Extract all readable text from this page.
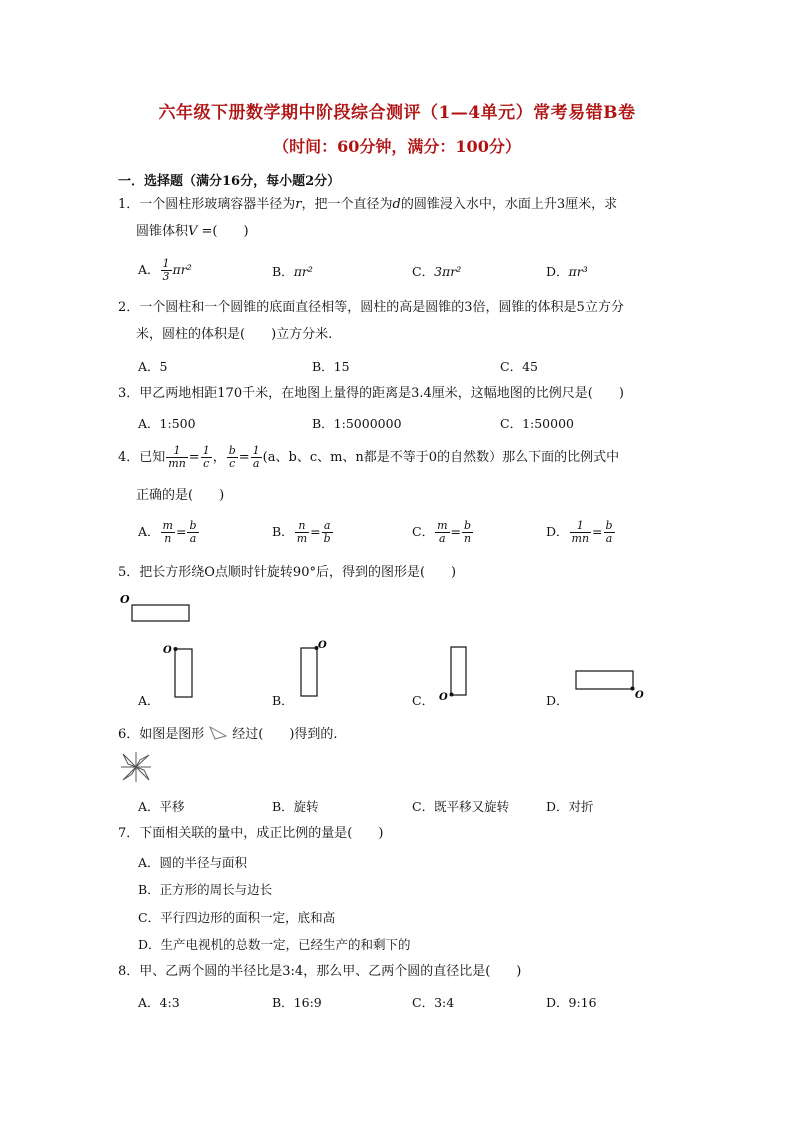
六年级下册数学期中阶段综合测评（1—4单元）常考易错B卷
（时间：60分钟，满分：100分）
一．选择题（满分16分，每小题2分）
1．一个圆柱形玻璃容器半径为r，把一个直径为d的圆锥浸入水中，水面上升3厘米，求
圆锥体积V =(　　)
A． $\frac{1}{3} \pi r^2$	B．πr²	C．3πr²	D．πr³
2．一个圆柱和一个圆锥的底面直径相等，圆柱的高是圆锥的3倍，圆锥的体积是5立方分
米，圆柱的体积是(　　)立方分米.
A．5	B．15	C．45
3．甲乙两地相距170千米，在地图上量得的距离是3.4厘米，这幅地图的比例尺是(　　)
A．1:500	B．1:5000000	C．1:50000
4．已知 $\frac{1}{mn} = \frac{1}{c}$ ， $\frac{b}{c} = \frac{1}{a} (a$、b、c、m、n都是不等于0的自然数）那么下面的比例式中
正确的是(　　)
A． $\frac{m}{n} = \frac{b}{a}$	B． $\frac{n}{m} = \frac{a}{b}$	C． $\frac{m}{a} = \frac{b}{n}$	D． $\frac{1}{mn} = \frac{b}{a}$
5．把长方形绕O点顺时针旋转90°后，得到的图形是(　　)
O
O
A．
O
B．	O
C．	O
D．
6．如图是图形 经过(　　)得到的.
A．平移	B．旋转	C．既平移又旋转	D．对折
7．下面相关联的量中，成正比例的量是(　　)
A．圆的半径与面积
B．正方形的周长与边长
C．平行四边形的面积一定，底和高
D．生产电视机的总数一定，已经生产的和剩下的
8．甲、乙两个圆的半径比是3:4，那么甲、乙两个圆的直径比是(　　)
A．4:3	B．16:9	C．3:4	D．9:16
